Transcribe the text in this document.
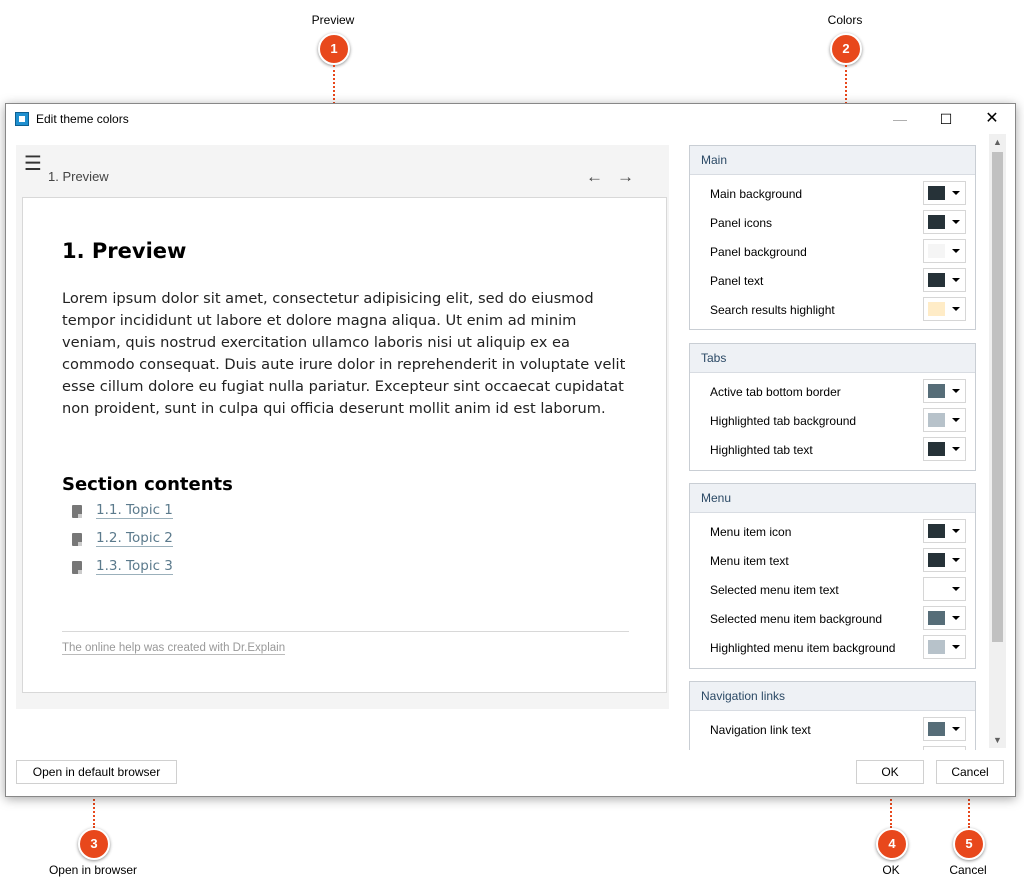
Preview
1
Colors
2
3
Open in browser
4
OK
5
Cancel
Edit theme colors	—	☐	✕
☰
1. Preview	← →
1. Preview

Lorem ipsum dolor sit amet, consectetur adipisicing elit, sed do eiusmod tempor incididunt ut labore et dolore magna aliqua. Ut enim ad minim veniam, quis nostrud exercitation ullamco laboris nisi ut aliquip ex ea commodo consequat. Duis aute irure dolor in reprehenderit in voluptate velit esse cillum dolore eu fugiat nulla pariatur. Excepteur sint occaecat cupidatat non proident, sunt in culpa qui officia deserunt mollit anim id est laborum.

Section contents
1.1. Topic 1
1.2. Topic 2
1.3. Topic 3
The online help was created with Dr.Explain
Main
Main background
Panel icons
Panel background
Panel text
Search results highlight
Tabs
Active tab bottom border
Highlighted tab background
Highlighted tab text
Menu
Menu item icon
Menu item text
Selected menu item text
Selected menu item background
Highlighted menu item background
Navigation links
Navigation link text
▲
▼
Open in default browser	OK	Cancel
